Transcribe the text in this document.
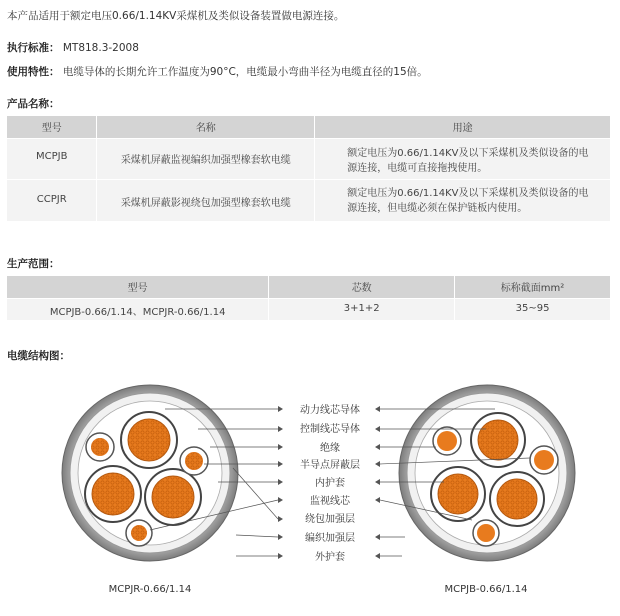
本产品适用于额定电压0.66/1.14KV采煤机及类似设备装置做电源连接。
执行标准： MT818.3-2008
使用特性： 电缆导体的长期允许工作温度为90°C，电缆最小弯曲半径为电缆直径的15倍。
产品名称：
型号	名称	用途
MCPJB	采煤机屏蔽监视编织加强型橡套软电缆	额定电压为0.66/1.14KV及以下采煤机及类似设备的电
源连接，电缆可直接拖拽使用。

CCPJR	采煤机屏蔽影视绕包加强型橡套软电缆	额定电压为0.66/1.14KV及以下采煤机及类似设备的电
源连接，但电缆必须在保护链板内使用。
生产范围：
型号	芯数	标称截面mm²
MCPJB-0.66/1.14、MCPJR-0.66/1.14	3+1+2	35~95
电缆结构图：
动力线芯导体
控制线芯导体
绝缘
半导点屏蔽层
内护套
监视线芯
绕包加强层
编织加强层
外护套
MCPJR-0.66/1.14	MCPJB-0.66/1.14
